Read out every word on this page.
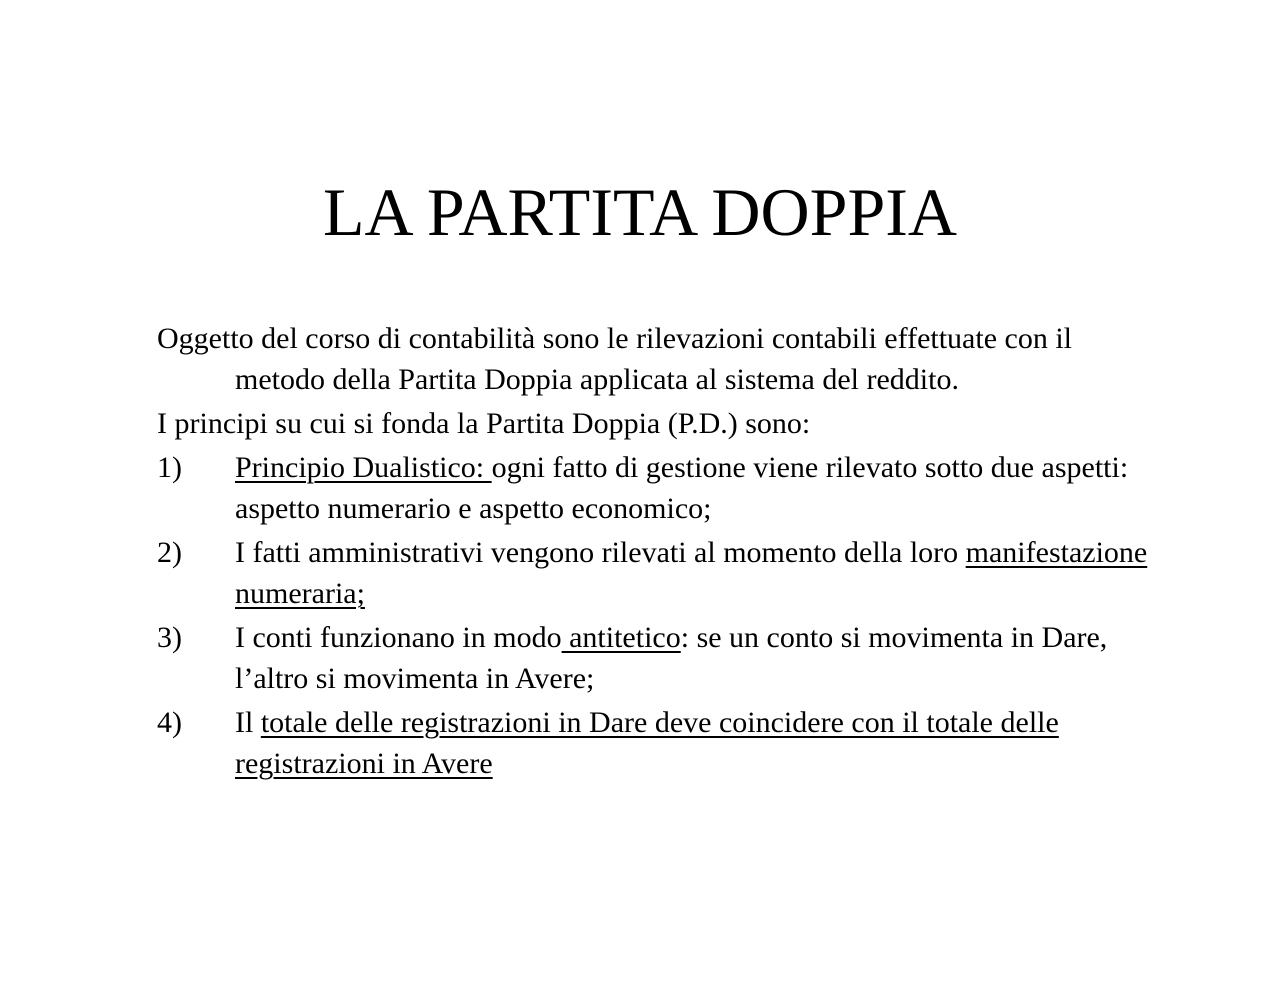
LA PARTITA DOPPIA

Oggetto del corso di contabilità sono le rilevazioni contabili effettuate con il metodo della Partita Doppia applicata al sistema del reddito.

I principi su cui si fonda la Partita Doppia (P.D.) sono:

1) Principio Dualistico: ogni fatto di gestione viene rilevato sotto due aspetti: aspetto numerario e aspetto economico;
2) I fatti amministrativi vengono rilevati al momento della loro manifestazione numeraria;
3) I conti funzionano in modo antitetico: se un conto si movimenta in Dare, l’altro si movimenta in Avere;
4) Il totale delle registrazioni in Dare deve coincidere con il totale delle registrazioni in Avere
